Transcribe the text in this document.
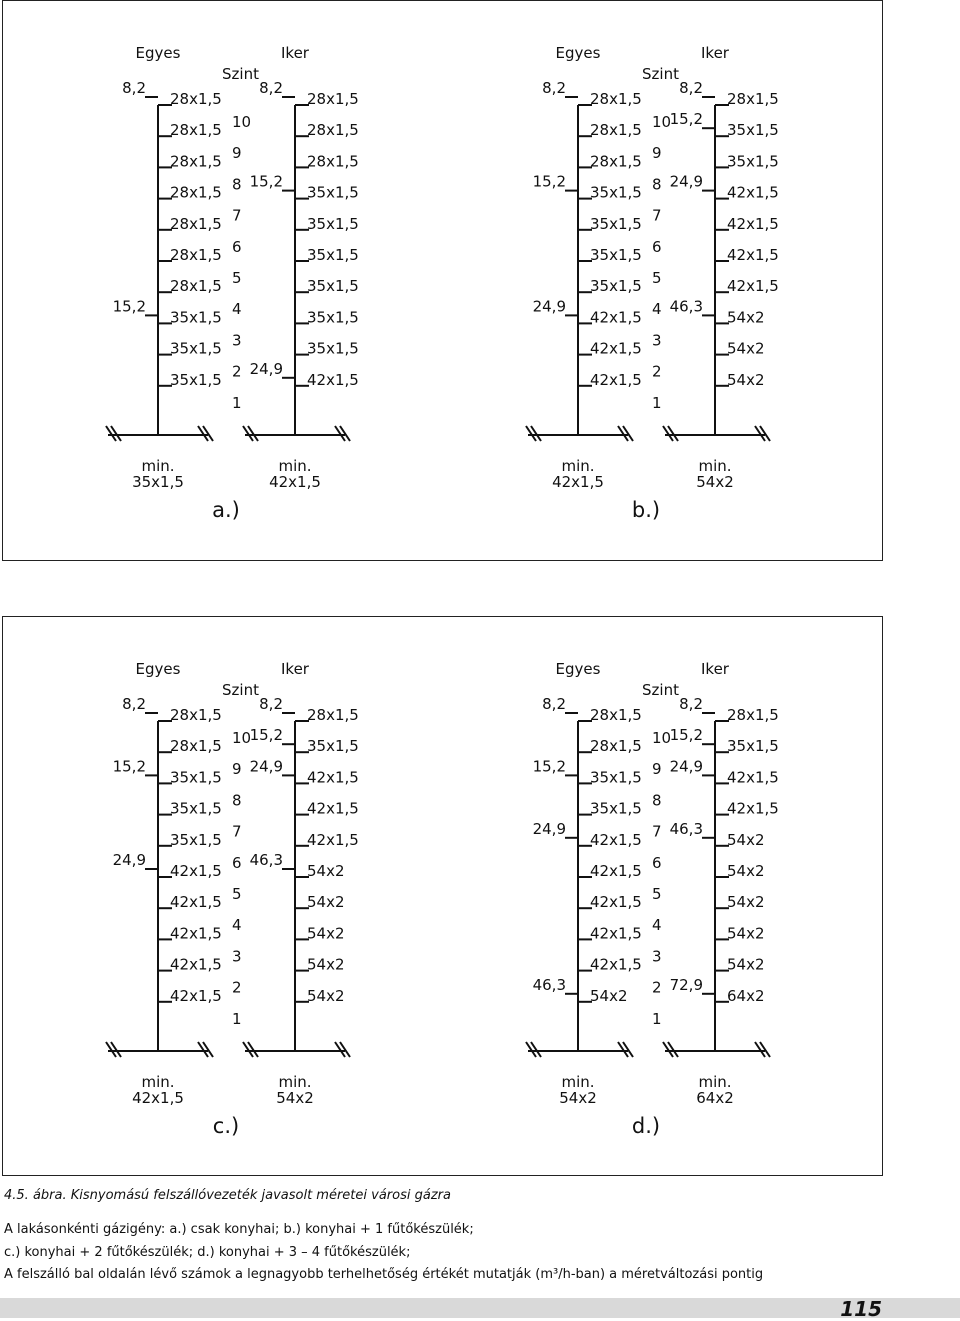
Egyes	Iker
Szint
10
9
8
7
6
5
4
3
2
1
28x1,5
28x1,5
28x1,5
28x1,5
28x1,5
28x1,5
28x1,5
35x1,5
35x1,5
35x1,5
8,2
15,2
min.
35x1,5
28x1,5
28x1,5
28x1,5
35x1,5
35x1,5
35x1,5
35x1,5
35x1,5
35x1,5
42x1,5
8,2
15,2
24,9
min.
42x1,5
a.)
Egyes	Iker
Szint
10
9
8
7
6
5
4
3
2
1
28x1,5
28x1,5
28x1,5
35x1,5
35x1,5
35x1,5
35x1,5
42x1,5
42x1,5
42x1,5
8,2
15,2
24,9
min.
42x1,5
28x1,5
35x1,5
35x1,5
42x1,5
42x1,5
42x1,5
42x1,5
54x2
54x2
54x2
8,2
15,2
24,9
46,3
min.
54x2
b.)
Egyes	Iker
Szint
10
9
8
7
6
5
4
3
2
1
28x1,5
28x1,5
35x1,5
35x1,5
35x1,5
42x1,5
42x1,5
42x1,5
42x1,5
42x1,5
8,2
15,2
24,9
min.
42x1,5
28x1,5
35x1,5
42x1,5
42x1,5
42x1,5
54x2
54x2
54x2
54x2
54x2
8,2
15,2
24,9
46,3
min.
54x2
c.)
Egyes	Iker
Szint
10
9
8
7
6
5
4
3
2
1
28x1,5
28x1,5
35x1,5
35x1,5
42x1,5
42x1,5
42x1,5
42x1,5
42x1,5
54x2
8,2
15,2
24,9
46,3
min.
54x2
28x1,5
35x1,5
42x1,5
42x1,5
54x2
54x2
54x2
54x2
54x2
64x2
8,2
15,2
24,9
46,3
72,9
min.
64x2
d.)
4.5. ábra. Kisnyomású felszállóvezeték javasolt méretei városi gázra
A lakásonkénti gázigény: a.) csak konyhai; b.) konyhai + 1 fűtőkészülék;
c.) konyhai + 2 fűtőkészülék; d.) konyhai + 3 – 4 fűtőkészülék;
A felszálló bal oldalán lévő számok a legnagyobb terhelhetőség értékét mutatják (m³/h-ban) a méretváltozási pontig
115
